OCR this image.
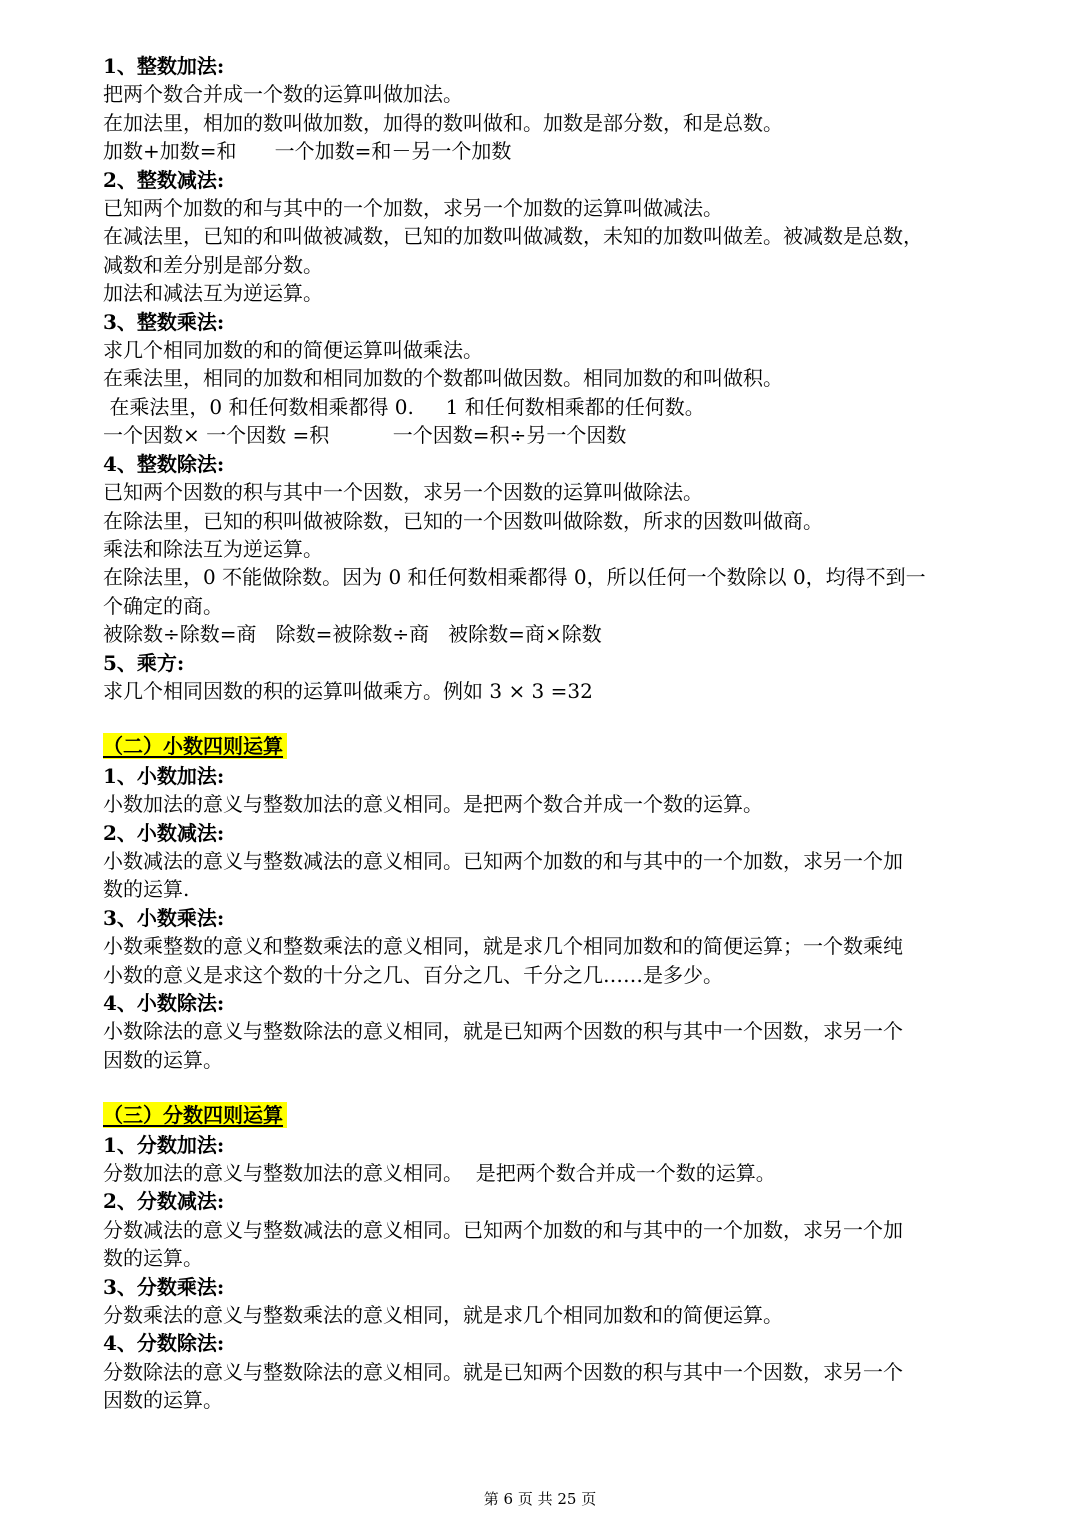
1、整数加法:

把两个数合并成一个数的运算叫做加法。

在加法里，相加的数叫做加数，加得的数叫做和。加数是部分数，和是总数。

加数+加数=和      一个加数=和－另一个加数

2、整数减法:

已知两个加数的和与其中的一个加数，求另一个加数的运算叫做减法。

在减法里，已知的和叫做被减数，已知的加数叫做减数，未知的加数叫做差。被减数是总数，

减数和差分别是部分数。

加法和减法互为逆运算。

3、整数乘法:

求几个相同加数的和的简便运算叫做乘法。

在乘法里，相同的加数和相同加数的个数都叫做因数。相同加数的和叫做积。

在乘法里，0 和任何数相乘都得 0.     1 和任何数相乘都的任何数。

一个因数× 一个因数 =积          一个因数=积÷另一个因数

4、整数除法:

已知两个因数的积与其中一个因数，求另一个因数的运算叫做除法。

在除法里，已知的积叫做被除数，已知的一个因数叫做除数，所求的因数叫做商。

乘法和除法互为逆运算。

在除法里，0 不能做除数。因为 0 和任何数相乘都得 0，所以任何一个数除以 0，均得不到一

个确定的商。

被除数÷除数=商   除数=被除数÷商   被除数=商×除数

5、乘方:

求几个相同因数的积的运算叫做乘方。例如 3 × 3 =32

（二）小数四则运算

1、小数加法:

小数加法的意义与整数加法的意义相同。是把两个数合并成一个数的运算。

2、小数减法:

小数减法的意义与整数减法的意义相同。已知两个加数的和与其中的一个加数，求另一个加

数的运算.

3、小数乘法:

小数乘整数的意义和整数乘法的意义相同，就是求几个相同加数和的简便运算；一个数乘纯

小数的意义是求这个数的十分之几、百分之几、千分之几……是多少。

4、小数除法:

小数除法的意义与整数除法的意义相同，就是已知两个因数的积与其中一个因数，求另一个

因数的运算。

（三）分数四则运算

1、分数加法:

分数加法的意义与整数加法的意义相同。  是把两个数合并成一个数的运算。

2、分数减法:

分数减法的意义与整数减法的意义相同。已知两个加数的和与其中的一个加数，求另一个加

数的运算。

3、分数乘法:

分数乘法的意义与整数乘法的意义相同，就是求几个相同加数和的简便运算。

4、分数除法:

分数除法的意义与整数除法的意义相同。就是已知两个因数的积与其中一个因数，求另一个

因数的运算。

第 6 页 共 25 页
